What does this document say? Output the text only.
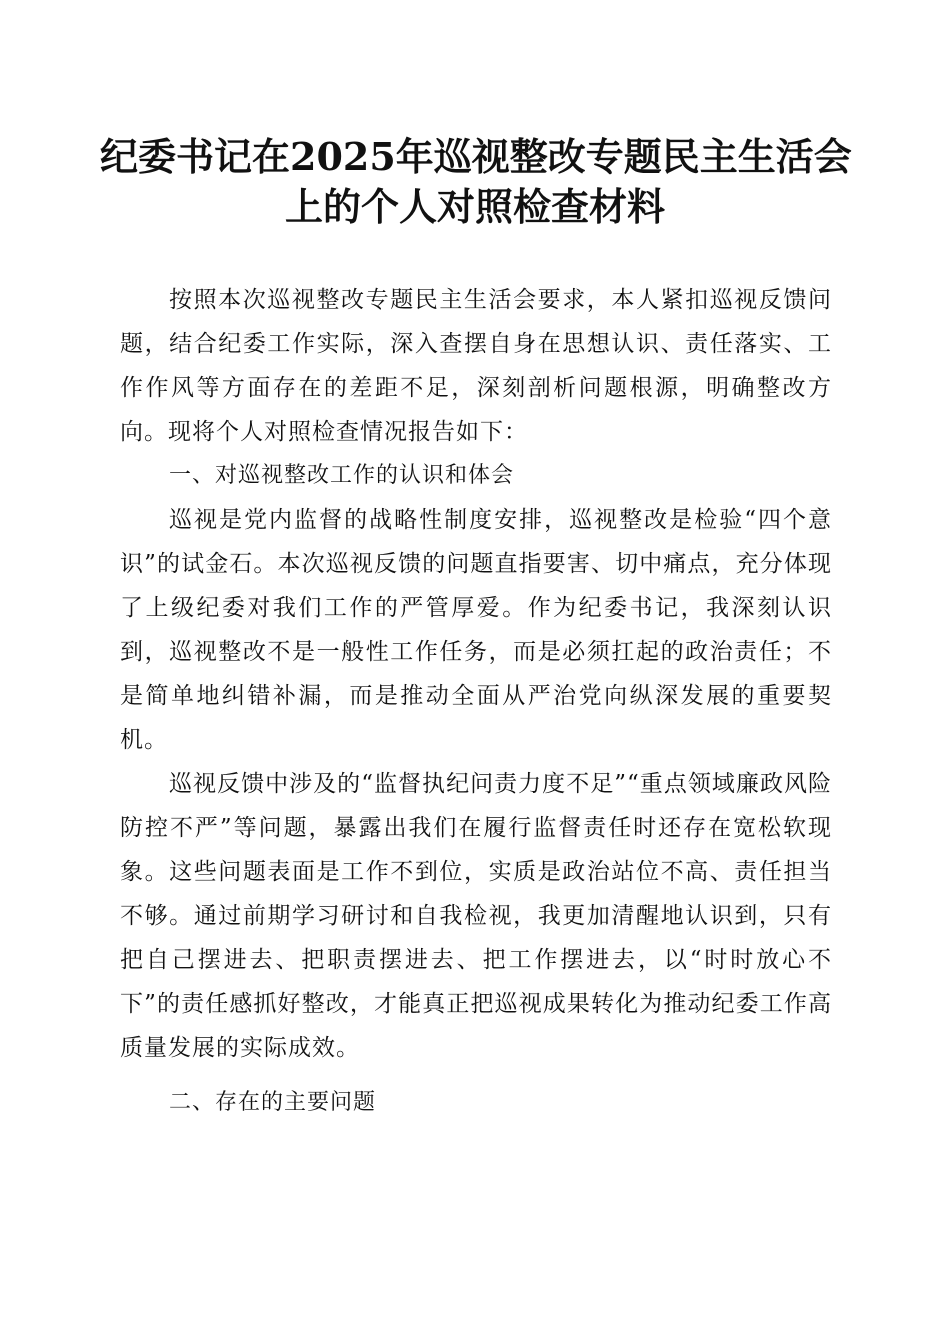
纪委书记在2025年巡视整改专题民主生活会
上的个人对照检查材料

按照本次巡视整改专题民主生活会要求，本人紧扣巡视反馈问题，结合纪委工作实际，深入查摆自身在思想认识、责任落实、工作作风等方面存在的差距不足，深刻剖析问题根源，明确整改方向。现将个人对照检查情况报告如下：

一、对巡视整改工作的认识和体会

巡视是党内监督的战略性制度安排，巡视整改是检验“四个意识”的试金石。本次巡视反馈的问题直指要害、切中痛点，充分体现了上级纪委对我们工作的严管厚爱。作为纪委书记，我深刻认识到，巡视整改不是一般性工作任务，而是必须扛起的政治责任；不是简单地纠错补漏，而是推动全面从严治党向纵深发展的重要契机。

巡视反馈中涉及的“监督执纪问责力度不足”“重点领域廉政风险防控不严”等问题，暴露出我们在履行监督责任时还存在宽松软现象。这些问题表面是工作不到位，实质是政治站位不高、责任担当不够。通过前期学习研讨和自我检视，我更加清醒地认识到，只有把自己摆进去、把职责摆进去、把工作摆进去，以“时时放心不下”的责任感抓好整改，才能真正把巡视成果转化为推动纪委工作高质量发展的实际成效。

二、存在的主要问题
